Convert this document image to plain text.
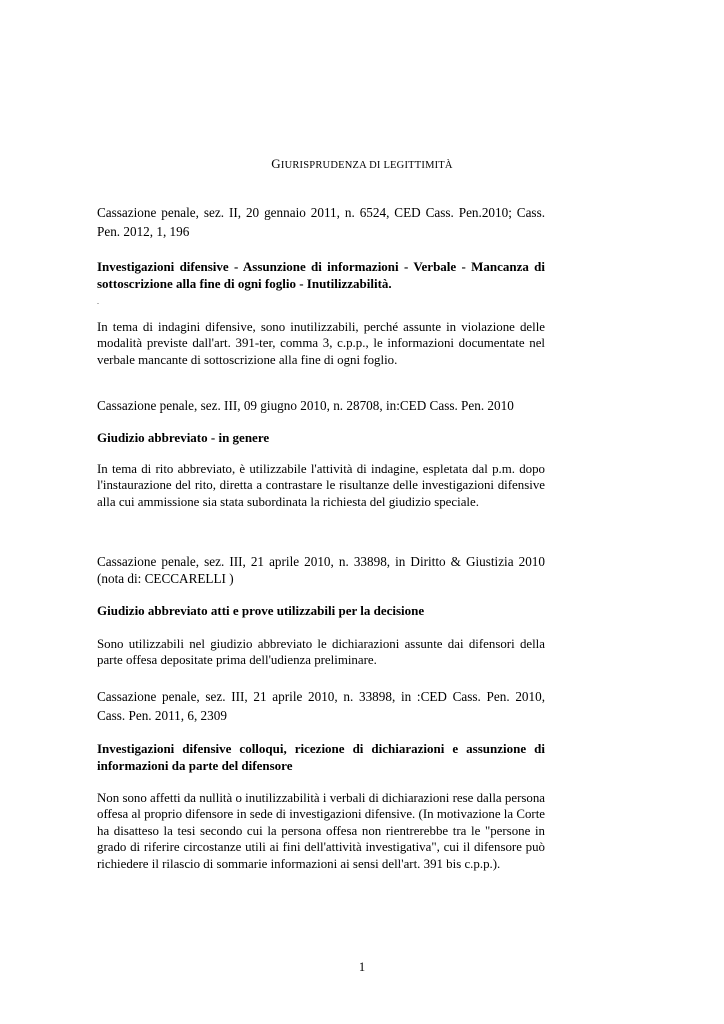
GIURISPRUDENZA DI LEGITTIMITÀ

Cassazione penale, sez. II, 20 gennaio 2011, n. 6524, CED Cass. Pen.2010; Cass. Pen. 2012, 1, 196

Investigazioni difensive - Assunzione di informazioni - Verbale - Mancanza di sottoscrizione alla fine di ogni foglio - Inutilizzabilità.

.

In tema di indagini difensive, sono inutilizzabili, perché assunte in violazione delle modalità previste dall'art. 391-ter, comma 3, c.p.p., le informazioni documentate nel verbale mancante di sottoscrizione alla fine di ogni foglio.

Cassazione penale, sez. III, 09 giugno 2010, n. 28708, in:CED Cass. Pen. 2010

Giudizio abbreviato - in genere

In tema di rito abbreviato, è utilizzabile l'attività di indagine, espletata dal p.m. dopo l'instaurazione del rito, diretta a contrastare le risultanze delle investigazioni difensive alla cui ammissione sia stata subordinata la richiesta del giudizio speciale.

Cassazione penale, sez. III, 21 aprile 2010, n. 33898, in Diritto & Giustizia 2010 (nota di: CECCARELLI )

Giudizio abbreviato atti e prove utilizzabili per la decisione

Sono utilizzabili nel giudizio abbreviato le dichiarazioni assunte dai difensori della parte offesa depositate prima dell'udienza preliminare.

Cassazione penale, sez. III, 21 aprile 2010, n. 33898, in :CED Cass. Pen. 2010, Cass. Pen. 2011, 6, 2309

Investigazioni difensive colloqui, ricezione di dichiarazioni e assunzione di informazioni da parte del difensore

Non sono affetti da nullità o inutilizzabilità i verbali di dichiarazioni rese dalla persona offesa al proprio difensore in sede di investigazioni difensive. (In motivazione la Corte ha disatteso la tesi secondo cui la persona offesa non rientrerebbe tra le "persone in grado di riferire circostanze utili ai fini dell'attività investigativa", cui il difensore può richiedere il rilascio di sommarie informazioni ai sensi dell'art. 391 bis c.p.p.).

1
